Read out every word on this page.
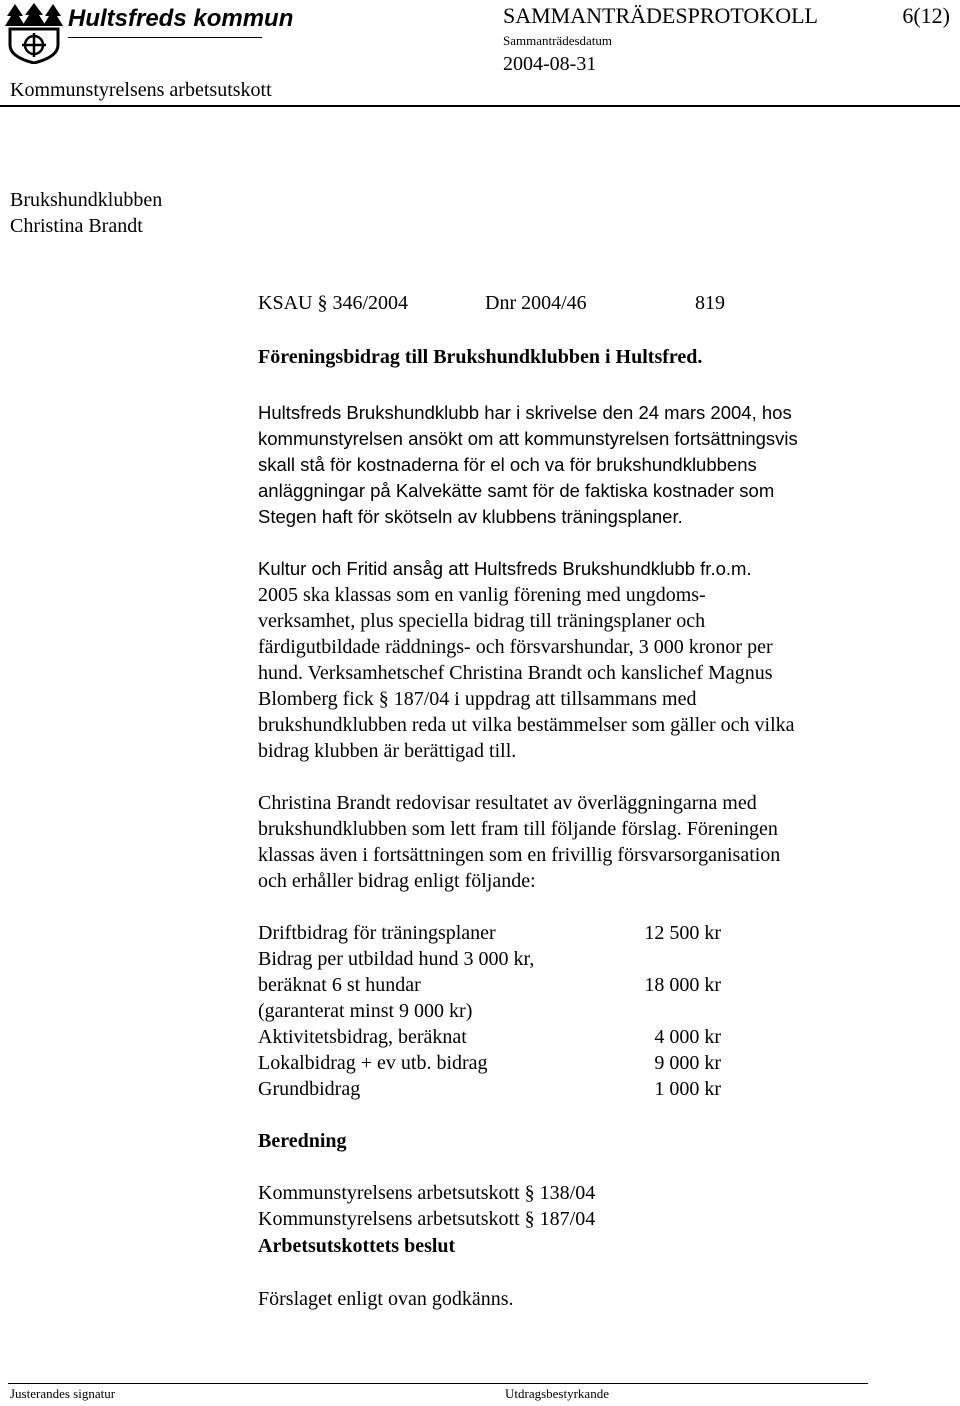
Hultsfreds kommun	SAMMANTRÄDESPROTOKOLL	6(12)
Sammanträdesdatum
2004-08-31
Kommunstyrelsens arbetsutskott
Brukshundklubben
Christina Brandt
KSAU § 346/2004	Dnr 2004/46	819
Föreningsbidrag till Brukshundklubben i Hultsfred.
Hultsfreds Brukshundklubb har i skrivelse den 24 mars 2004, hos
kommunstyrelsen ansökt om att kommunstyrelsen fortsättningsvis
skall stå för kostnaderna för el och va för brukshundklubbens
anläggningar på Kalvekätte samt för de faktiska kostnader som
Stegen haft för skötseln av klubbens träningsplaner.
Kultur och Fritid ansåg att Hultsfreds Brukshundklubb fr.o.m.
2005 ska klassas som en vanlig förening med ungdoms-
verksamhet, plus speciella bidrag till träningsplaner och
färdigutbildade räddnings- och försvarshundar, 3 000 kronor per
hund. Verksamhetschef Christina Brandt och kanslichef Magnus
Blomberg fick § 187/04 i uppdrag att tillsammans med
brukshundklubben reda ut vilka bestämmelser som gäller och vilka
bidrag klubben är berättigad till.
Christina Brandt redovisar resultatet av överläggningarna med
brukshundklubben som lett fram till följande förslag. Föreningen
klassas även i fortsättningen som en frivillig försvarsorganisation
och erhåller bidrag enligt följande:
Driftbidrag för träningsplaner	12 500 kr
Bidrag per utbildad hund 3 000 kr,
beräknat 6 st hundar	18 000 kr
(garanterat minst 9 000 kr)
Aktivitetsbidrag, beräknat	4 000 kr
Lokalbidrag + ev utb. bidrag	9 000 kr
Grundbidrag	1 000 kr
Beredning
Kommunstyrelsens arbetsutskott § 138/04
Kommunstyrelsens arbetsutskott § 187/04
Arbetsutskottets beslut
Förslaget enligt ovan godkänns.
Justerandes signatur	Utdragsbestyrkande
